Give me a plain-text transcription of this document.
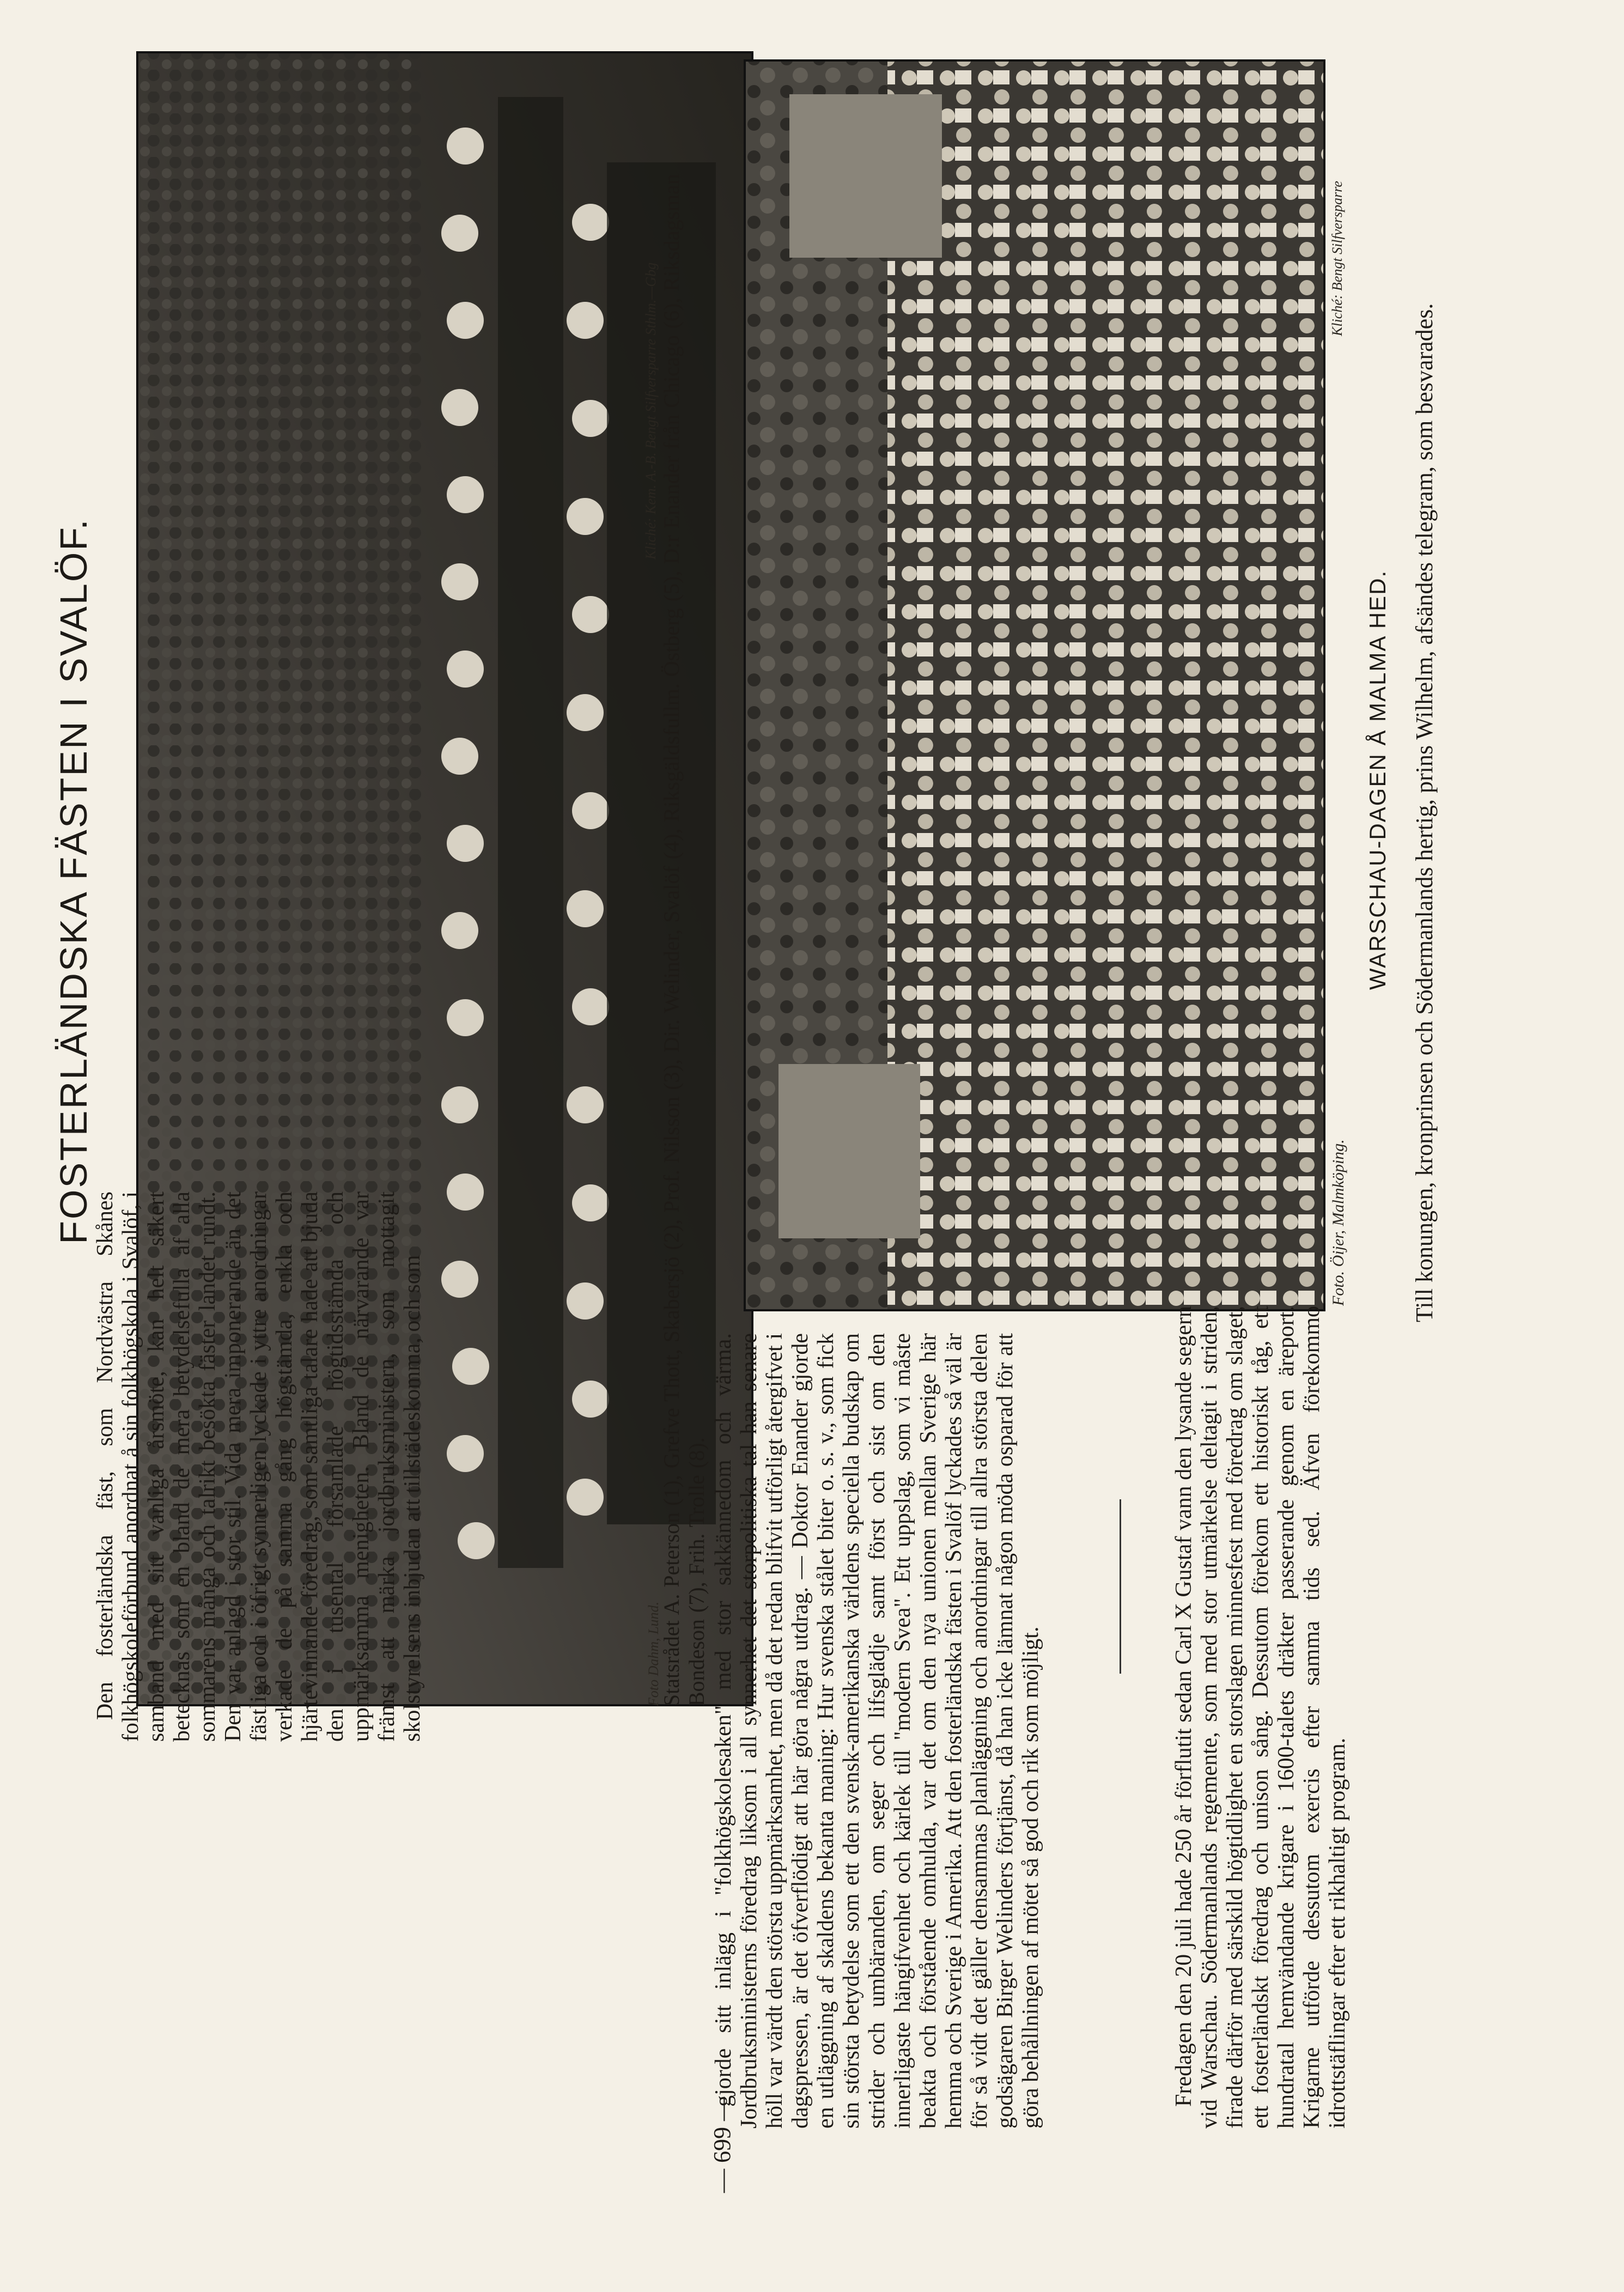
FOSTERLÄNDSKA FÄSTEN I SVALÖF.
Foto Dahm, Lund.
Kliché: Kem. A.-B. Bengt Silfversparre Sthlm.—Gbg Statsrådet A. Peterson (1), Grefve Thott, Skabersjö (2), Prof. Nilsson (3), Dir. Welinder, Svalöf (4), Riksgäldsfullm. Östberg (5), D:r Enander från Chicago (6), Riksdagsman Bondeson (7), Frih. Trolle (8).
Foto. Öijer, Malmköping.
Kliché: Bengt Silfversparre
WARSCHAU-DAGEN Å MALMA HED.

Den fosterländska fäst, som Nordvästra Skånes folkhögskoleförbund anordnat å sin folkhögskola i Svalöf, i samband med sitt vanliga årsmöte, kan helt säkert betecknas som en bland de mera betydelsefulla af alla sommarens många och talrikt besökta fäster landet rundt. Den var anlagd i stor stil. Vida mera imponerande än det fästliga och i öfrigt synnerligen lyckade i yttre anordningar verkade de på samma gång högstämda, enkla och hjärtevinnande föredrag, som samtliga talare hade att bjuda den i tusental församlade högtidsstämda och uppmärksamma menigheten. Bland de närvarande var främst att märka jordbruksministern, som mottagit skolstyrelsens inbjudan att tillstädeskomma, och som	gjorde sitt inlägg i "folkhögskolesaken" med stor sakkännedom och värma. Jordbruksministerns föredrag liksom i all synnerhet det storpolitiska tal han senare höll var värdt den största uppmärksamhet, men då det redan blifvit utförligt återgifvet i dagspressen, är det öfverflödigt att här göra några utdrag. — Doktor Enander gjorde en utläggning af skaldens bekanta maning: Hur svenska stålet biter o. s. v., som fick sin största betydelse som ett den svensk-amerikanska världens speciella budskap om strider och umbäranden, om seger och lifsglädje samt först och sist om den innerligaste hängifvenhet och kärlek till "modern Svea". Ett uppslag, som vi måste beakta och förstående omhulda, var det om den nya unionen mellan Sverige här hemma och Sverige i Amerika. Att den fosterländska fästen i Svalöf lyckades så väl är för så vidt det gäller densammas planläggning och anordningar till allra största delen godsägaren Birger Welinders förtjänst, då han icke lämnat någon möda osparad för att göra behållningen af mötet så god och rik som möjligt.	Fredagen den 20 juli hade 250 år förflutit sedan Carl X Gustaf vann den lysande segern vid Warschau. Södermanlands regemente, som med stor utmärkelse deltagit i striden, firade därför med särskild högtidlighet en storslagen minnesfest med föredrag om slaget, ett fosterländskt föredrag och unison sång. Dessutom förekom ett historiskt tåg, ett hundratal hemvändande krigare i 1600-talets dräkter passerande genom en äreport. Krigarne utförde dessutom exercis efter samma tids sed. Äfven förekommo idrottstäflingar efter ett rikhaltigt program.

Till konungen, kronprinsen och Södermanlands hertig, prins Wilhelm, afsändes telegram, som besvarades.
— 699 —
